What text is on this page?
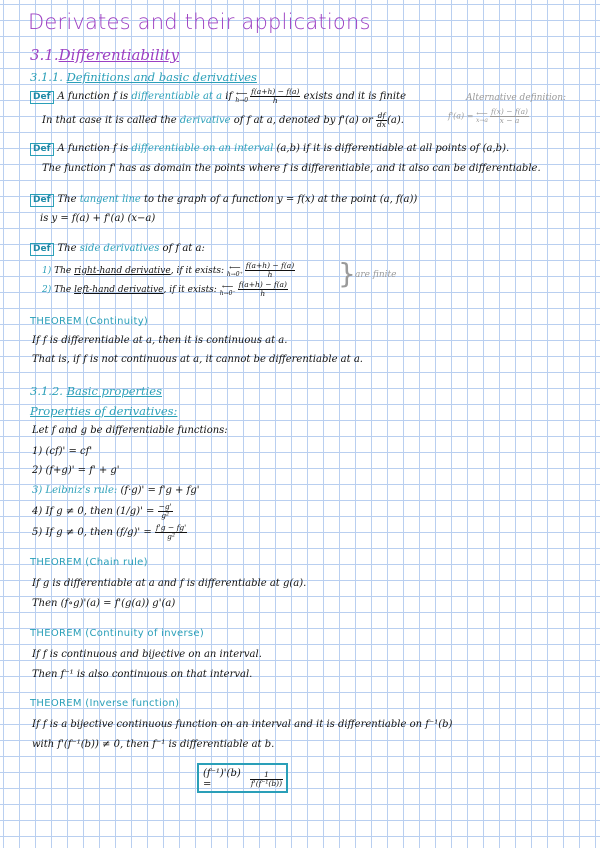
Derivates and their applications
3.1.Differentiability
3.1.1. Definitions and basic derivatives
Def A function f is differentiable at a if ⟵
$h\to 0 \frac{f(a+h) - f(a)}{h}$ exists and it is finite
In that case it is called the derivative of f at a, denoted by f'(a) or $\frac{df}{dx} (a)$.
Alternative definition:
f'(a) = ⟵
$x\to a \frac{f(x) - f(a)}{x - a}$
Def A function f is differentiable on an interval (a,b) if it is differentiable at all points of (a,b).
The function f' has as domain the points where f is differentiable, and it also can be differentiable.
Def The tangent line to the graph of a function y = f(x) at the point (a, f(a))
is y = f(a) + f'(a) (x−a)
Def The side derivatives of f at a:
1) The right-hand derivative, if it exists: ⟵
$h\to 0^+ \frac{f(a+h) - f(a)}{h}$
2) The left-hand derivative, if it exists: ⟵
$h\to 0^- \frac{f(a+h) - f(a)}{h}$ } are finite
THEOREM (Continuity)
If f is differentiable at a, then it is continuous at a.
That is, if f is not continuous at a, it cannot be differentiable at a.
3.1.2. Basic properties
Properties of derivatives:
Let f and g be differentiable functions:
1) (cf)' = cf'
2) (f+g)' = f' + g'
3) Leibniz's rule: (f·g)' = f'g + fg'
4) If g ≠ 0, then $(1/g)' = \frac{-g'}{\text{g²}}$
5) If g ≠ 0, then $(f/g)' = \frac{f'g - fg'}{\text{g²}}$
THEOREM (Chain rule)
If g is differentiable at a and f is differentiable at g(a).
Then (f∘g)'(a) = f'(g(a)) g'(a)
THEOREM (Continuity of inverse)
If f is continuous and bijective on an interval.
Then f⁻¹ is also continuous on that interval.
THEOREM (Inverse function)
If f is a bijective continuous function on an interval and it is differentiable on f⁻¹(b)
with f'(f⁻¹(b)) ≠ 0, then f⁻¹ is differentiable at b.
(f⁻¹)'(b) =	$\frac{1}{\text{f'(f⁻¹(b))}}$
